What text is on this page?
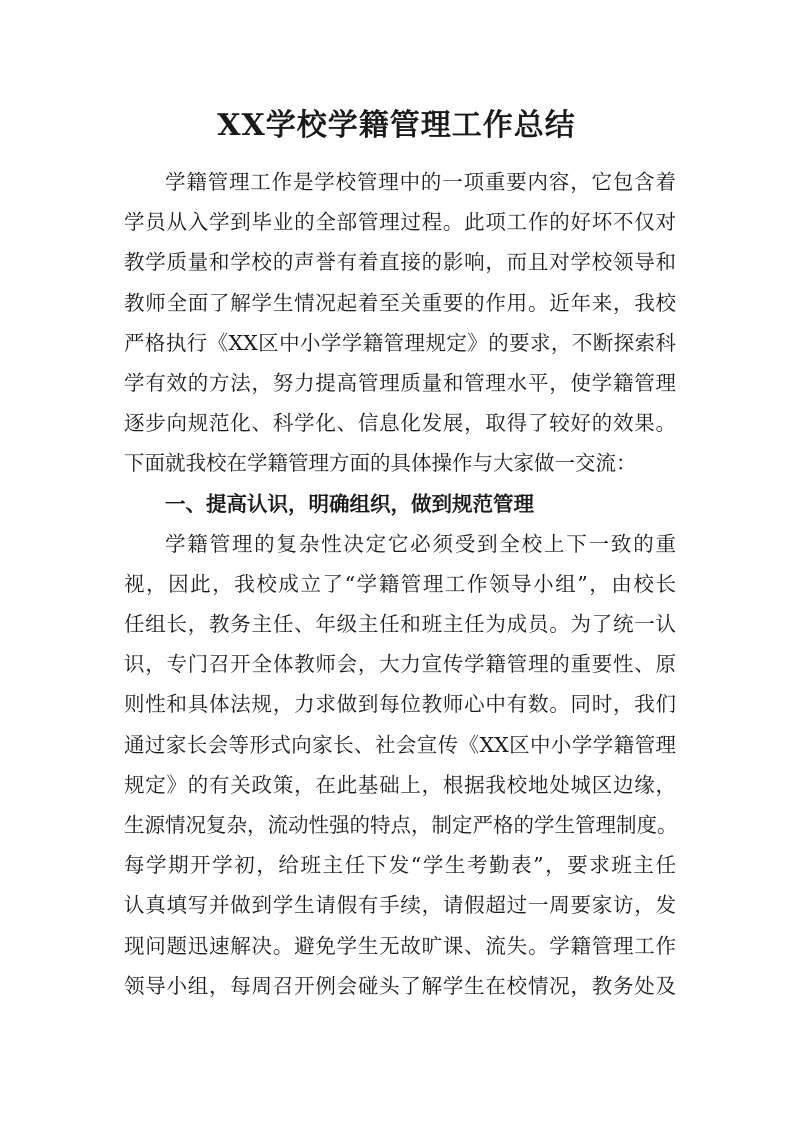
XX学校学籍管理工作总结
学籍管理工作是学校管理中的一项重要内容，它包含着
学员从入学到毕业的全部管理过程。此项工作的好坏不仅对
教学质量和学校的声誉有着直接的影响，而且对学校领导和
教师全面了解学生情况起着至关重要的作用。近年来，我校
严格执行《XX区中小学学籍管理规定》的要求，不断探索科
学有效的方法，努力提高管理质量和管理水平，使学籍管理
逐步向规范化、科学化、信息化发展，取得了较好的效果。
下面就我校在学籍管理方面的具体操作与大家做一交流：
一、提高认识，明确组织，做到规范管理
学籍管理的复杂性决定它必须受到全校上下一致的重
视，因此，我校成立了“学籍管理工作领导小组”，由校长
任组长，教务主任、年级主任和班主任为成员。为了统一认
识，专门召开全体教师会，大力宣传学籍管理的重要性、原
则性和具体法规，力求做到每位教师心中有数。同时，我们
通过家长会等形式向家长、社会宣传《XX区中小学学籍管理
规定》的有关政策，在此基础上，根据我校地处城区边缘，
生源情况复杂，流动性强的特点，制定严格的学生管理制度。
每学期开学初，给班主任下发“学生考勤表”，要求班主任
认真填写并做到学生请假有手续，请假超过一周要家访，发
现问题迅速解决。避免学生无故旷课、流失。学籍管理工作
领导小组，每周召开例会碰头了解学生在校情况，教务处及
